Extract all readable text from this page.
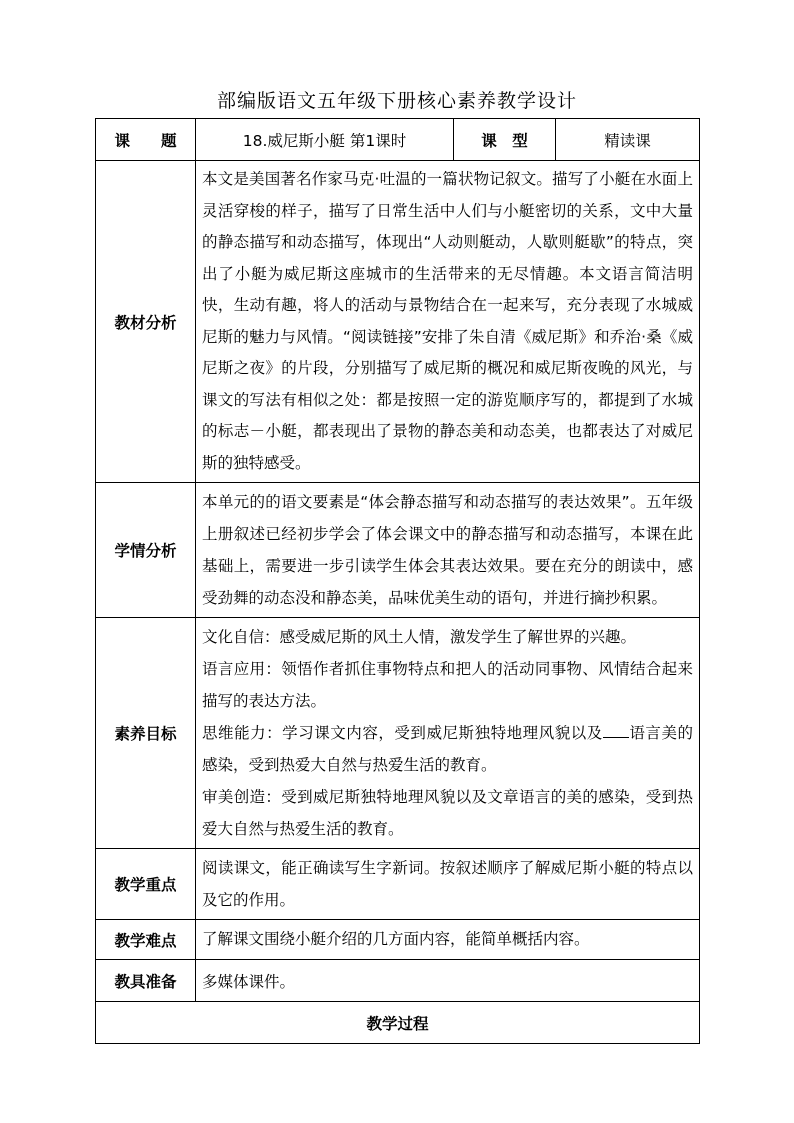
部编版语文五年级下册核心素养教学设计
课　　题	18.威尼斯小艇 第1课时	课　型	精读课
教材分析	本文是美国著名作家马克·吐温的一篇状物记叙文。描写了小艇在水面上灵活穿梭的样子，描写了日常生活中人们与小艇密切的关系，文中大量的静态描写和动态描写，体现出“人动则艇动，人歇则艇歇”的特点，突出了小艇为威尼斯这座城市的生活带来的无尽情趣。本文语言简洁明快，生动有趣，将人的活动与景物结合在一起来写，充分表现了水城威尼斯的魅力与风情。“阅读链接”安排了朱自清《威尼斯》和乔治·桑《威尼斯之夜》的片段，分别描写了威尼斯的概况和威尼斯夜晚的风光，与课文的写法有相似之处：都是按照一定的游览顺序写的，都提到了水城的标志－小艇，都表现出了景物的静态美和动态美，也都表达了对威尼斯的独特感受。		
学情分析	本单元的的语文要素是“体会静态描写和动态描写的表达效果”。五年级上册叙述已经初步学会了体会课文中的静态描写和动态描写，本课在此基础上，需要进一步引读学生体会其表达效果。要在充分的朗读中，感受劲舞的动态没和静态美，品味优美生动的语句，并进行摘抄积累。		
素养目标	文化自信：感受威尼斯的风土人情，激发学生了解世界的兴趣。

语言应用：领悟作者抓住事物特点和把人的活动同事物、风情结合起来描写的表达方法。

思维能力：学习课文内容，受到威尼斯独特地理风貌以及 语言美的感染，受到热爱大自然与热爱生活的教育。

审美创造：受到威尼斯独特地理风貌以及文章语言的美的感染，受到热爱大自然与热爱生活的教育。		

教学重点	阅读课文，能正确读写生字新词。按叙述顺序了解威尼斯小艇的特点以及它的作用。		
教学难点	了解课文围绕小艇介绍的几方面内容，能简单概括内容。		
教具准备	多媒体课件。		
教学过程			
